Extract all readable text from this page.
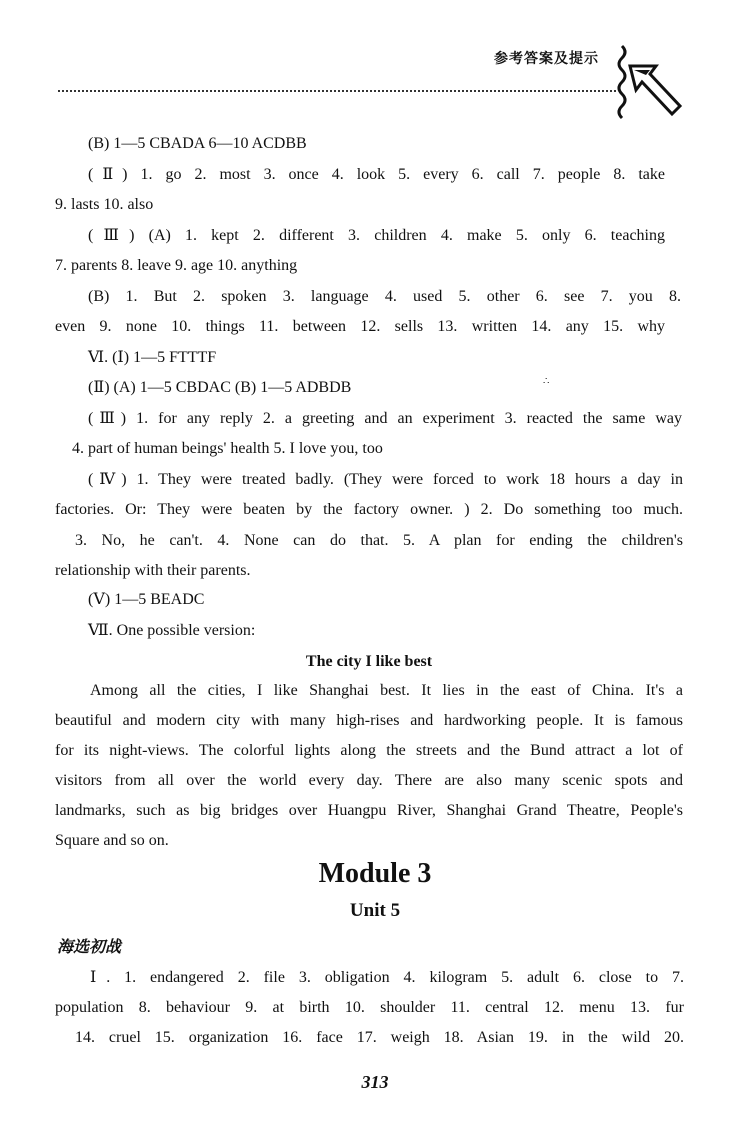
参考答案及提示
(B) 1—5 CBADA 6—10 ACDBB
(Ⅱ) 1. go 2. most 3. once 4. look 5. every 6. call 7. people 8. take
9. lasts 10. also
(Ⅲ) (A) 1. kept 2. different 3. children 4. make 5. only 6. teaching
7. parents 8. leave 9. age 10. anything
(B) 1. But 2. spoken 3. language 4. used 5. other 6. see 7. you 8.
even 9. none 10. things 11. between 12. sells 13. written 14. any 15. why
Ⅵ. (Ⅰ) 1—5 FTTTF
(Ⅱ) (A) 1—5 CBDAC (B) 1—5 ADBDB	∴
(Ⅲ) 1. for any reply 2. a greeting and an experiment 3. reacted the same way
4. part of human beings' health 5. I love you, too
(Ⅳ) 1. They were treated badly. (They were forced to work 18 hours a day in
factories. Or: They were beaten by the factory owner. ) 2. Do something too much.
3. No, he can't. 4. None can do that. 5. A plan for ending the children's
relationship with their parents.
(Ⅴ) 1—5 BEADC
Ⅶ. One possible version:
The city I like best
Among all the cities, I like Shanghai best. It lies in the east of China. It's a
beautiful and modern city with many high-rises and hardworking people. It is famous
for its night-views. The colorful lights along the streets and the Bund attract a lot of
visitors from all over the world every day. There are also many scenic spots and
landmarks, such as big bridges over Huangpu River, Shanghai Grand Theatre, People's
Square and so on.
Module 3
Unit 5
海选初战
Ⅰ. 1. endangered 2. file 3. obligation 4. kilogram 5. adult 6. close to 7.
population 8. behaviour 9. at birth 10. shoulder 11. central 12. menu 13. fur
14. cruel 15. organization 16. face 17. weigh 18. Asian 19. in the wild 20.
313
